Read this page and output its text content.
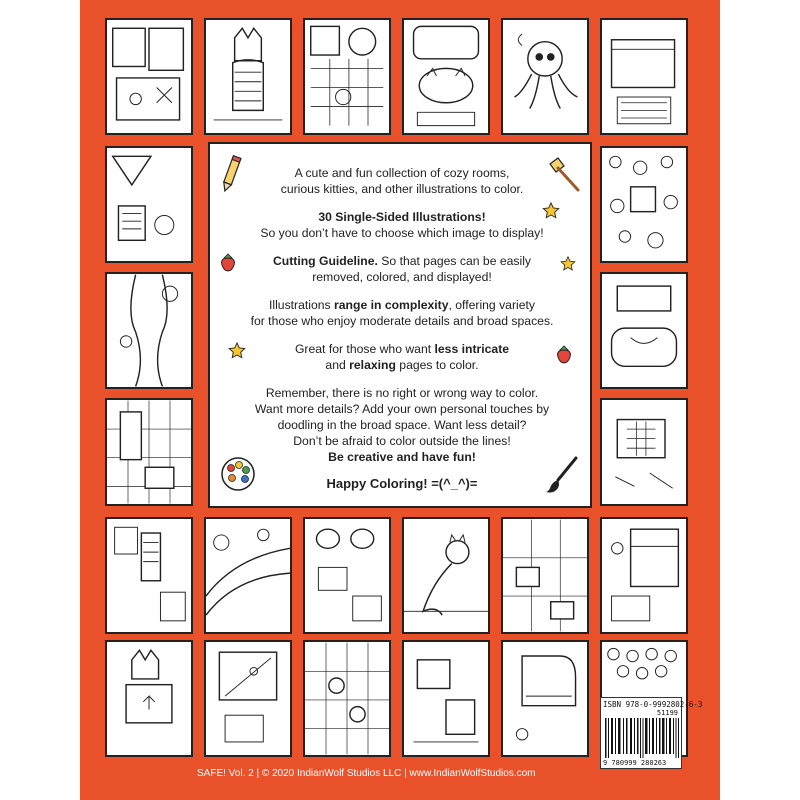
ISBN 978-0-9992802-6-3
51199
9 780999 280263
SAFE! Vol. 2 | © 2020 IndianWolf Studios LLC | www.IndianWolfStudios.com

A cute and fun collection of cozy rooms,

curious kitties, and other illustrations to color.

30 Single-Sided Illustrations!

So you don’t have to choose which image to display!

Cutting Guideline. So that pages can be easily

removed, colored, and displayed!

Illustrations range in complexity, offering variety

for those who enjoy moderate details and broad spaces.

Great for those who want less intricate

and relaxing pages to color.

Remember, there is no right or wrong way to color.

Want more details? Add your own personal touches by

doodling in the broad space. Want less detail?

Don’t be afraid to color outside the lines!

Be creative and have fun!

Happy Coloring! =(^_^)=
